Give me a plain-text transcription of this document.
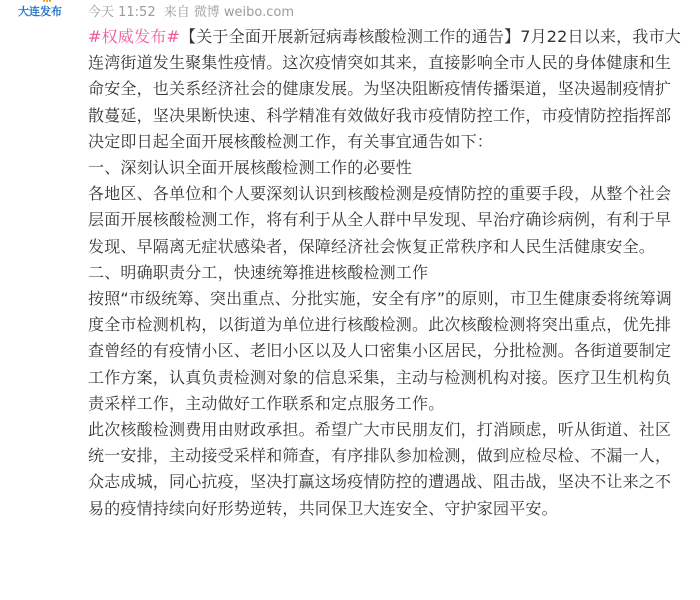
大连发布 今天 11:52 来自 微博 weibo.com

#权威发布#【关于全面开展新冠病毒核酸检测工作的通告】7月22日以来，我市大连湾街道发生聚集性疫情。这次疫情突如其来，直接影响全市人民的身体健康和生命安全，也关系经济社会的健康发展。为坚决阻断疫情传播渠道，坚决遏制疫情扩散蔓延，坚决果断快速、科学精准有效做好我市疫情防控工作，市疫情防控指挥部决定即日起全面开展核酸检测工作，有关事宜通告如下：

一、深刻认识全面开展核酸检测工作的必要性

各地区、各单位和个人要深刻认识到核酸检测是疫情防控的重要手段，从整个社会层面开展核酸检测工作，将有利于从全人群中早发现、早治疗确诊病例，有利于早发现、早隔离无症状感染者，保障经济社会恢复正常秩序和人民生活健康安全。

二、明确职责分工，快速统筹推进核酸检测工作

按照“市级统筹、突出重点、分批实施，安全有序”的原则，市卫生健康委将统筹调度全市检测机构，以街道为单位进行核酸检测。此次核酸检测将突出重点，优先排查曾经的有疫情小区、老旧小区以及人口密集小区居民，分批检测。各街道要制定工作方案，认真负责检测对象的信息采集，主动与检测机构对接。医疗卫生机构负责采样工作，主动做好工作联系和定点服务工作。

此次核酸检测费用由财政承担。希望广大市民朋友们，打消顾虑，听从街道、社区统一安排，主动接受采样和筛查，有序排队参加检测，做到应检尽检、不漏一人，众志成城，同心抗疫，坚决打赢这场疫情防控的遭遇战、阻击战，坚决不让来之不易的疫情持续向好形势逆转，共同保卫大连安全、守护家园平安。
